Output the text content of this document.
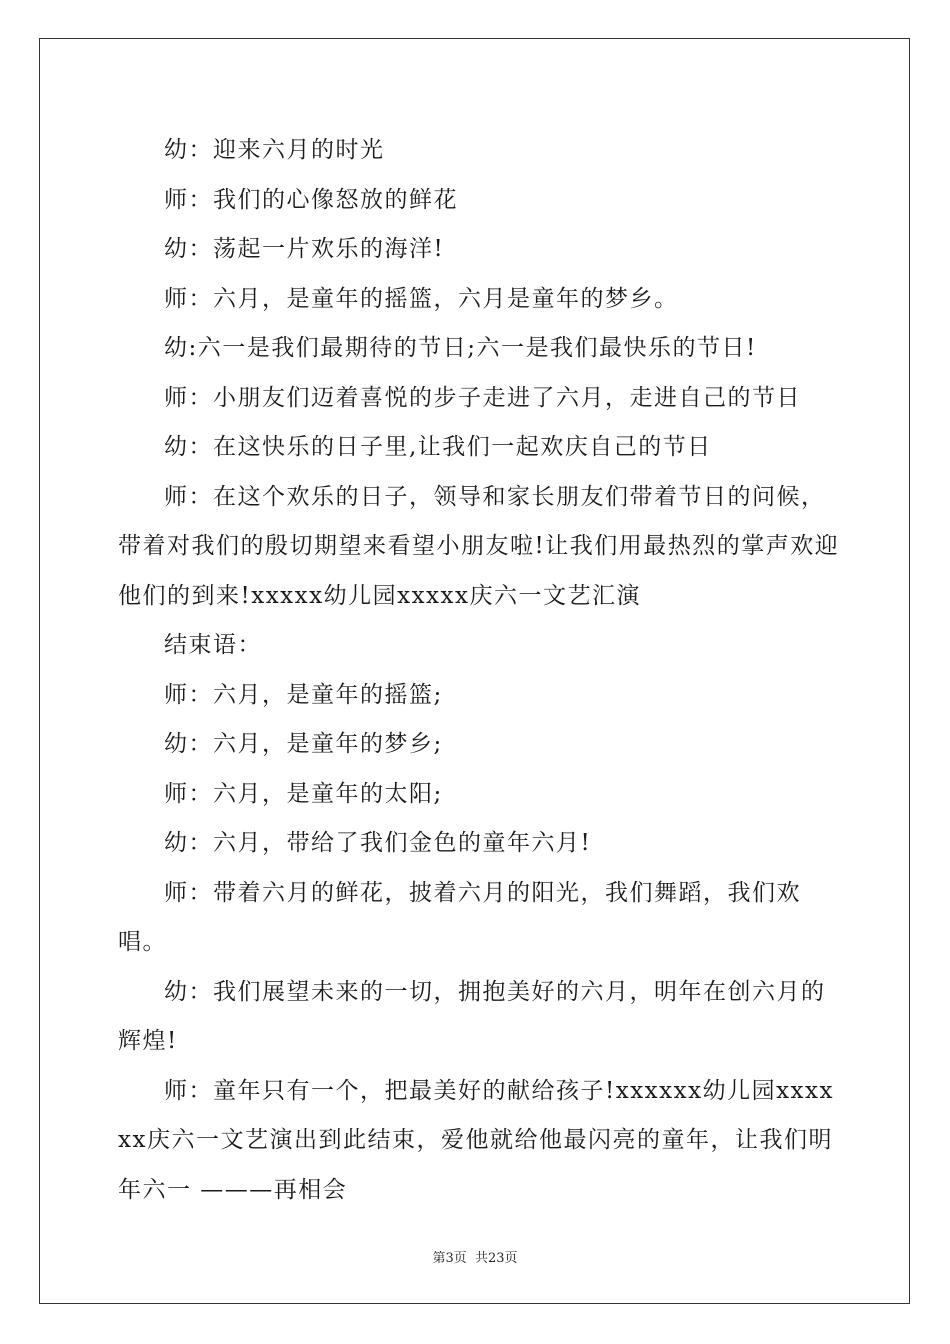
幼：迎来六月的时光

师：我们的心像怒放的鲜花

幼：荡起一片欢乐的海洋!

师：六月，是童年的摇篮，六月是童年的梦乡。

幼:六一是我们最期待的节日;六一是我们最快乐的节日!

师：小朋友们迈着喜悦的步子走进了六月，走进自己的节日

幼：在这快乐的日子里,让我们一起欢庆自己的节日

师：在这个欢乐的日子，领导和家长朋友们带着节日的问候，带着对我们的殷切期望来看望小朋友啦!让我们用最热烈的掌声欢迎他们的到来!xxxxx幼儿园xxxxx庆六一文艺汇演

结束语：

师：六月，是童年的摇篮;

幼：六月，是童年的梦乡;

师：六月，是童年的太阳;

幼：六月，带给了我们金色的童年六月!

师：带着六月的鲜花，披着六月的阳光，我们舞蹈，我们欢唱。

幼：我们展望未来的一切，拥抱美好的六月，明年在创六月的辉煌!

师：童年只有一个，把最美好的献给孩子!xxxxxx幼儿园xxxxxx庆六一文艺演出到此结束，爱他就给他最闪亮的童年，让我们明年六一 ———再相会

第3页 共23页
